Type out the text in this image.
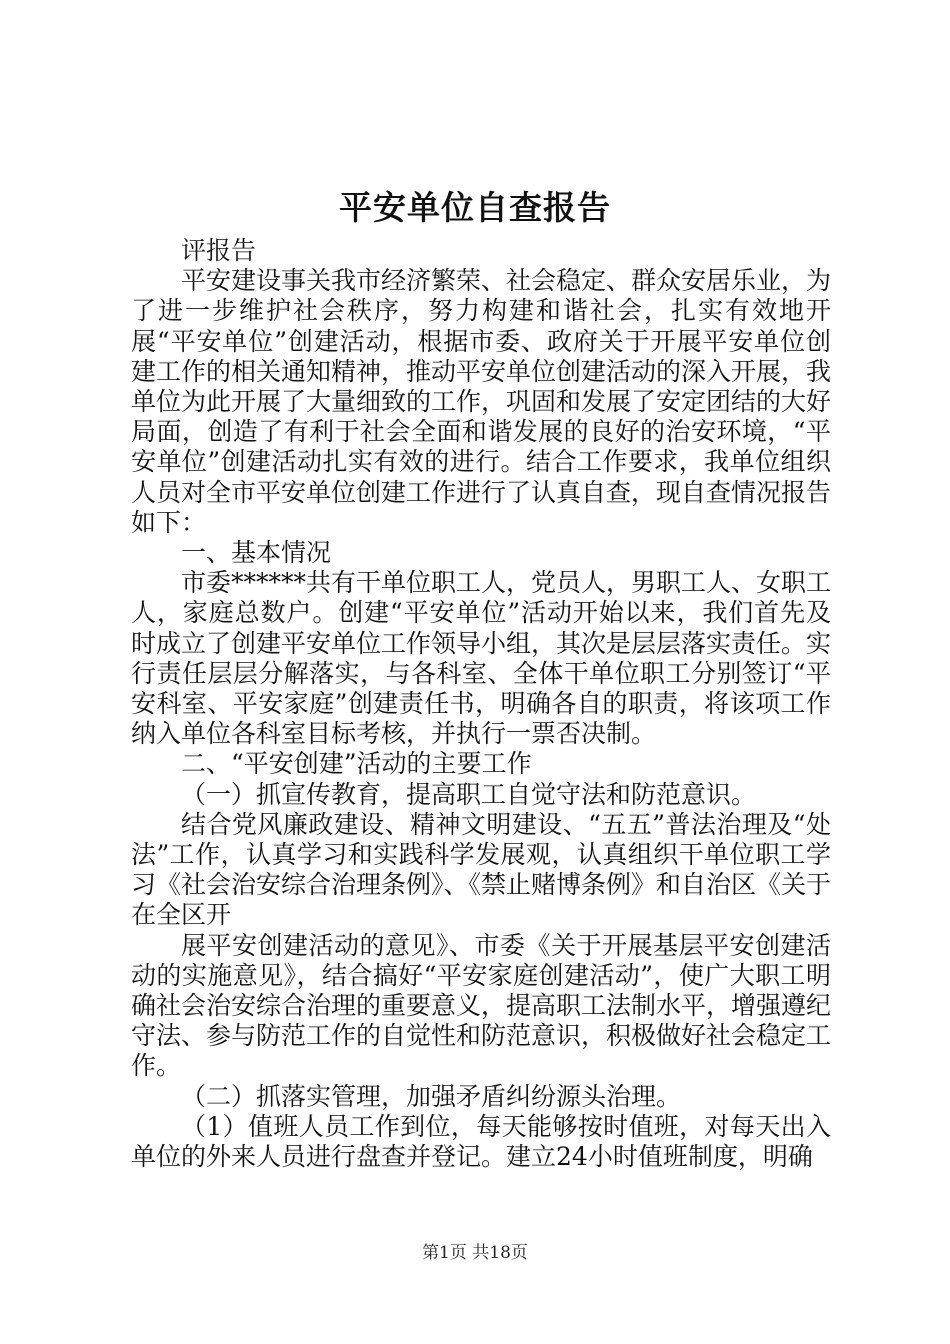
平安单位自查报告

评报告

平安建设事关我市经济繁荣、社会稳定、群众安居乐业，为了进一步维护社会秩序，努力构建和谐社会，扎实有效地开展“平安单位”创建活动，根据市委、政府关于开展平安单位创建工作的相关通知精神，推动平安单位创建活动的深入开展，我单位为此开展了大量细致的工作，巩固和发展了安定团结的大好局面，创造了有利于社会全面和谐发展的良好的治安环境，“平安单位”创建活动扎实有效的进行。结合工作要求，我单位组织人员对全市平安单位创建工作进行了认真自查，现自查情况报告如下：

一、基本情况

市委******共有干单位职工人，党员人，男职工人、女职工人，家庭总数户。创建“平安单位”活动开始以来，我们首先及时成立了创建平安单位工作领导小组，其次是层层落实责任。实行责任层层分解落实，与各科室、全体干单位职工分别签订“平安科室、平安家庭”创建责任书，明确各自的职责，将该项工作纳入单位各科室目标考核，并执行一票否决制。

二、“平安创建”活动的主要工作

（一）抓宣传教育，提高职工自觉守法和防范意识。

结合党风廉政建设、精神文明建设、“五五”普法治理及“处法”工作，认真学习和实践科学发展观，认真组织干单位职工学习《社会治安综合治理条例》、《禁止赌博条例》和自治区《关于在全区开

展平安创建活动的意见》、市委《关于开展基层平安创建活动的实施意见》，结合搞好“平安家庭创建活动”，使广大职工明确社会治安综合治理的重要意义，提高职工法制水平，增强遵纪守法、参与防范工作的自觉性和防范意识，积极做好社会稳定工作。

（二）抓落实管理，加强矛盾纠纷源头治理。

（1）值班人员工作到位，每天能够按时值班，对每天出入单位的外来人员进行盘查并登记。建立24小时值班制度，明确

第1页 共18页
